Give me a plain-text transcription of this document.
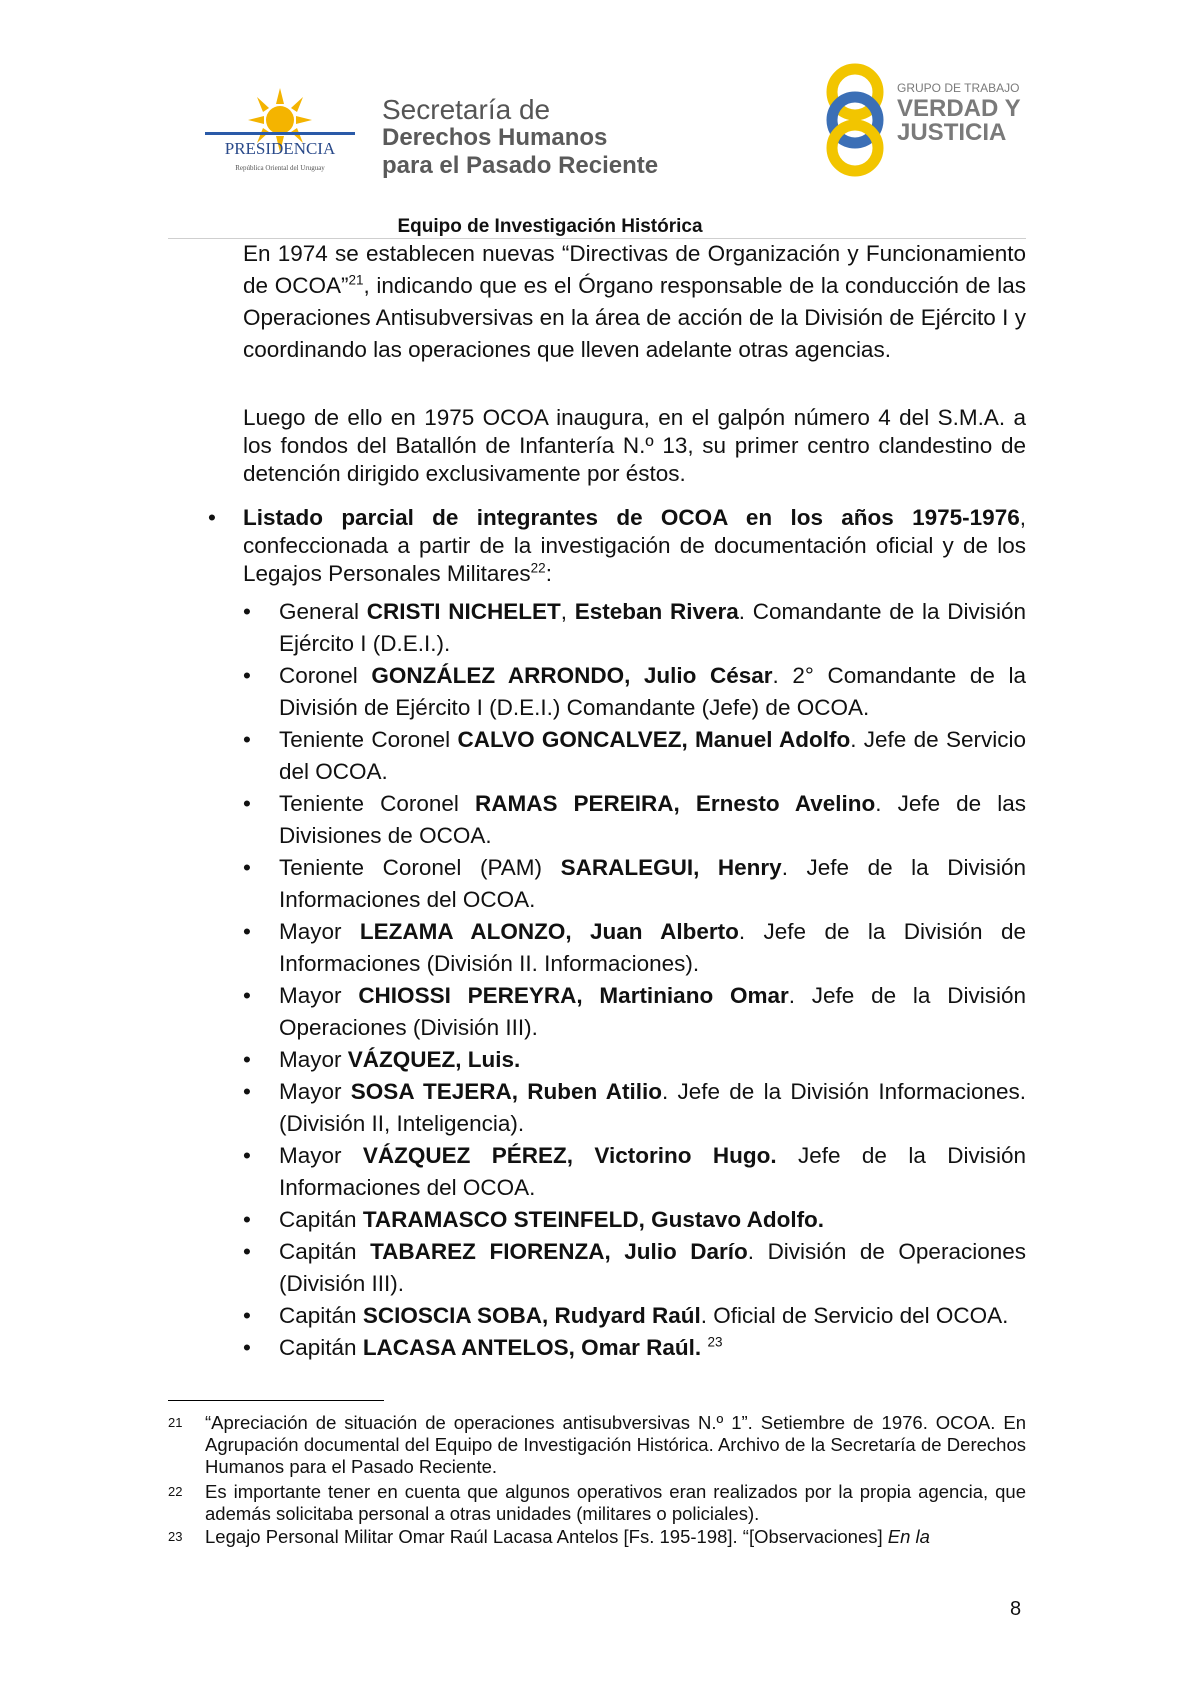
PRESIDENCIA
República Oriental del Uruguay
Secretaría de
Derechos Humanos
para el Pasado Reciente
GRUPO DE TRABAJO
VERDAD Y
JUSTICIA
Equipo de Investigación Histórica
En 1974 se establecen nuevas “Directivas de Organización y Funcionamiento de OCOA”$^{21}$, indicando que es el Órgano responsable de la conducción de las Operaciones Antisubversivas en la área de acción de la División de Ejército I y coordinando las operaciones que lleven adelante otras agencias.
Luego de ello en 1975 OCOA inaugura, en el galpón número 4 del S.M.A. a los fondos del Batallón de Infantería N.º 13, su primer centro clandestino de detención dirigido exclusivamente por éstos.
• Listado parcial de integrantes de OCOA en los años 1975-1976, confeccionada a partir de la investigación de documentación oficial y de los Legajos Personales Militares$^{22}$:
• General CRISTI NICHELET, Esteban Rivera. Comandante de la División Ejército I (D.E.I.).
• Coronel GONZÁLEZ ARRONDO, Julio César. 2° Comandante de la División de Ejército I (D.E.I.) Comandante (Jefe) de OCOA.
• Teniente Coronel CALVO GONCALVEZ, Manuel Adolfo. Jefe de Servicio del OCOA.
• Teniente Coronel RAMAS PEREIRA, Ernesto Avelino. Jefe de las Divisiones de OCOA.
• Teniente Coronel (PAM) SARALEGUI, Henry. Jefe de la División Informaciones del OCOA.
• Mayor LEZAMA ALONZO, Juan Alberto. Jefe de la División de Informaciones (División II. Informaciones).
• Mayor CHIOSSI PEREYRA, Martiniano Omar. Jefe de la División Operaciones (División III).
• Mayor VÁZQUEZ, Luis.
• Mayor SOSA TEJERA, Ruben Atilio. Jefe de la División Informaciones. (División II, Inteligencia).
• Mayor VÁZQUEZ PÉREZ, Victorino Hugo. Jefe de la División Informaciones del OCOA.
• Capitán TARAMASCO STEINFELD, Gustavo Adolfo.
• Capitán TABAREZ FIORENZA, Julio Darío. División de Operaciones (División III).
• Capitán SCIOSCIA SOBA, Rudyard Raúl. Oficial de Servicio del OCOA.
• Capitán LACASA ANTELOS, Omar Raúl. $^{23}$
21 “Apreciación de situación de operaciones antisubversivas N.º 1”. Setiembre de 1976. OCOA. En Agrupación documental del Equipo de Investigación Histórica. Archivo de la Secretaría de Derechos Humanos para el Pasado Reciente.
22 Es importante tener en cuenta que algunos operativos eran realizados por la propia agencia, que además solicitaba personal a otras unidades (militares o policiales).
23 Legajo Personal Militar Omar Raúl Lacasa Antelos [Fs. 195-198]. “[Observaciones] En la
8
